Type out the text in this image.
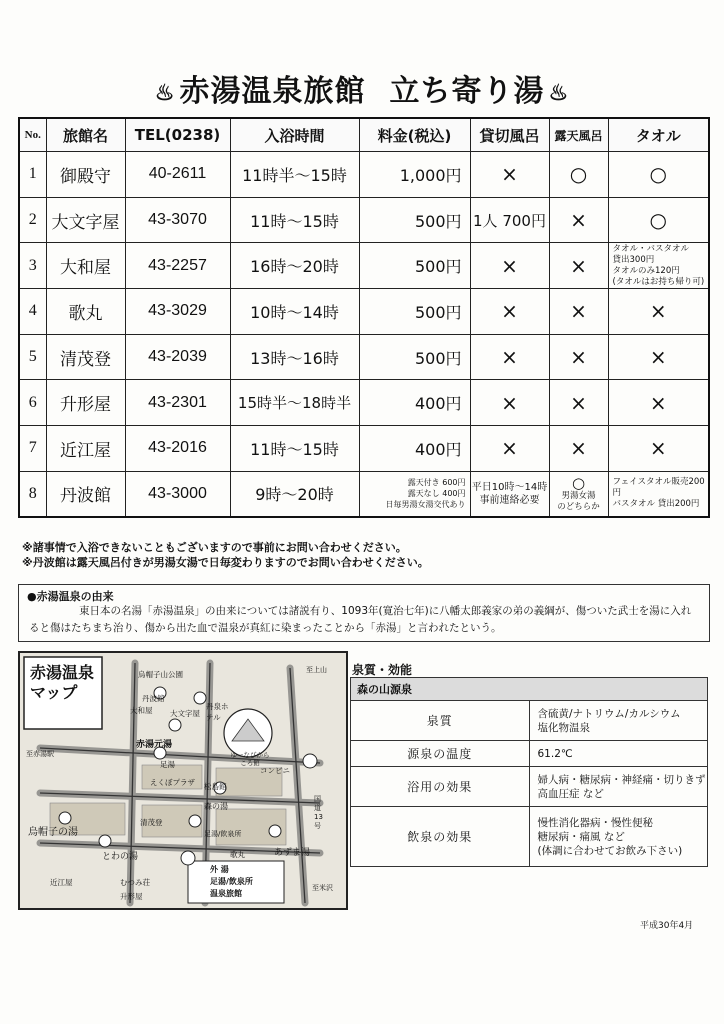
♨ 赤湯温泉旅館 立ち寄り湯 ♨
No.	旅館名	TEL(0238)	入浴時間	料金(税込)	貸切風呂	露天風呂	タオル
1	御殿守	40-2611	11時半～15時	1,000円	×	○	○
2	大文字屋	43-3070	11時～15時	500円	1人 700円	×	○
3	大和屋	43-2257	16時～20時	500円	×	×	タオル・バスタオル
貸出300円
タオルのみ120円
(タオルはお持ち帰り可)

4	歌丸	43-3029	10時～14時	500円	×	×	×
5	清茂登	43-2039	13時～16時	500円	×	×	×
6	升形屋	43-2301	15時半～18時半	400円	×	×	×
7	近江屋	43-2016	11時～15時	400円	×	×	×
8	丹波館	43-3000	9時～20時	露天付き 600円
露天なし 400円
日毎男湯女湯交代あり	平日10時～14時
事前連絡必要	○
男湯女湯
のどちらか	フェイスタオル販売200円
バスタオル 貸出200円
※諸事情で入浴できないこともございますので事前にお問い合わせください。
※丹波館は露天風呂付きが男湯女湯で日毎変わりますのでお問い合わせください。
●赤湯温泉の由来
東日本の名湯「赤湯温泉」の由来については諸説有り、1093年(寛治七年)に八幡太郎義家の弟の義綱が、傷ついた武士を湯に入れると傷はたちまち治り、傷から出た血で温泉が真紅に染まったことから「赤湯」と言われたという。
赤湯温泉マップ
烏帽子山公園
丹波館
大和屋 大文字屋
丹泉ホテル
赤湯元湯
足湯
えくぼプラザ 松島館
コンビニ
森の湯
烏帽子の湯
至赤湯駅
至上山
とわの湯
足湯/飲泉所
近江屋	むつみ荘
升形屋
清茂登
あずま湯
歌丸
至米沢
国道13号
ゆーなびからころ館
外 湯
足湯/飲泉所
温泉旅館
泉質・効能
森の山源泉	
泉質	含硫黄/ナトリウム/カルシウム
塩化物温泉

源泉の温度	61.2℃

浴用の効果	婦人病・糖尿病・神経痛・切りきず
高血圧症 など

飲泉の効果	慢性消化器病・慢性便秘
糖尿病・痛風 など
(体調に合わせてお飲み下さい)
平成30年4月
